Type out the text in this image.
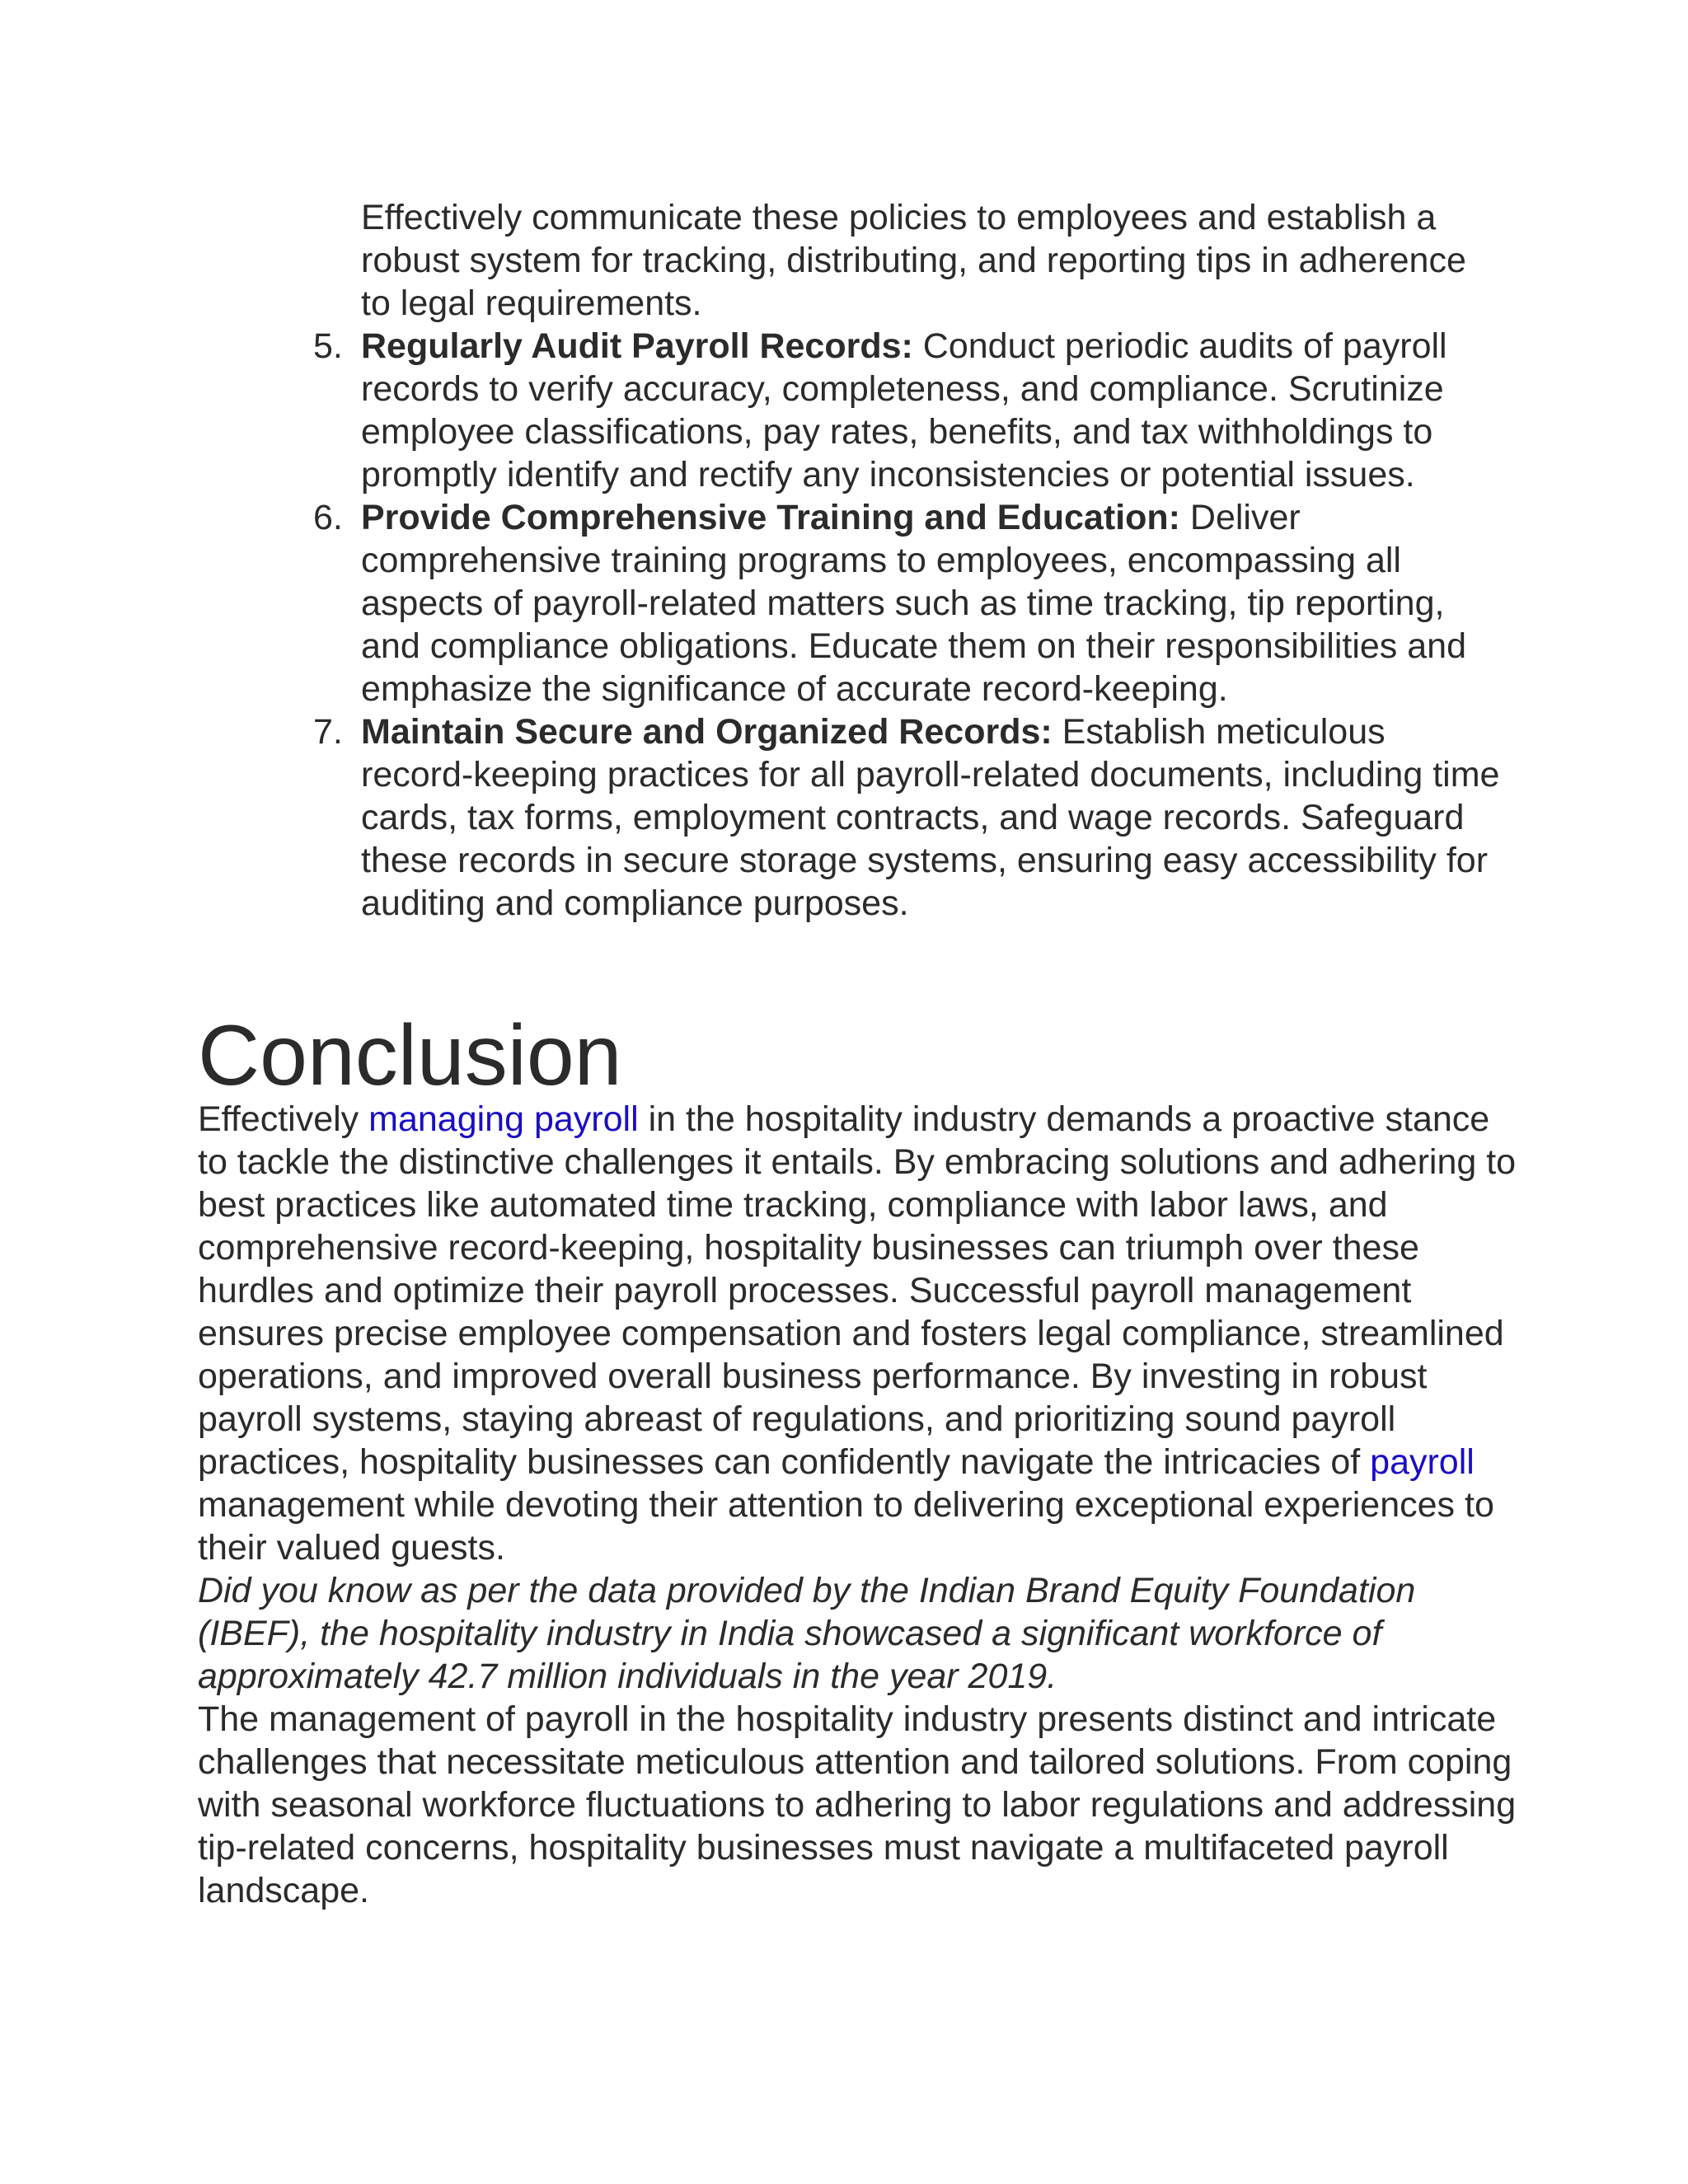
Effectively communicate these policies to employees and establish a robust system for tracking, distributing, and reporting tips in adherence to legal requirements.
5. Regularly Audit Payroll Records: Conduct periodic audits of payroll records to verify accuracy, completeness, and compliance. Scrutinize employee classifications, pay rates, benefits, and tax withholdings to promptly identify and rectify any inconsistencies or potential issues.
6. Provide Comprehensive Training and Education: Deliver comprehensive training programs to employees, encompassing all aspects of payroll-related matters such as time tracking, tip reporting, and compliance obligations. Educate them on their responsibilities and emphasize the significance of accurate record-keeping.
7. Maintain Secure and Organized Records: Establish meticulous record-keeping practices for all payroll-related documents, including time cards, tax forms, employment contracts, and wage records. Safeguard these records in secure storage systems, ensuring easy accessibility for auditing and compliance purposes.
Conclusion

Effectively managing payroll in the hospitality industry demands a proactive stance to tackle the distinctive challenges it entails. By embracing solutions and adhering to best practices like automated time tracking, compliance with labor laws, and comprehensive record-keeping, hospitality businesses can triumph over these hurdles and optimize their payroll processes. Successful payroll management ensures precise employee compensation and fosters legal compliance, streamlined operations, and improved overall business performance. By investing in robust payroll systems, staying abreast of regulations, and prioritizing sound payroll practices, hospitality businesses can confidently navigate the intricacies of payroll management while devoting their attention to delivering exceptional experiences to their valued guests.

Did you know as per the data provided by the Indian Brand Equity Foundation (IBEF), the hospitality industry in India showcased a significant workforce of approximately 42.7 million individuals in the year 2019.

The management of payroll in the hospitality industry presents distinct and intricate challenges that necessitate meticulous attention and tailored solutions. From coping with seasonal workforce fluctuations to adhering to labor regulations and addressing tip-related concerns, hospitality businesses must navigate a multifaceted payroll landscape.
